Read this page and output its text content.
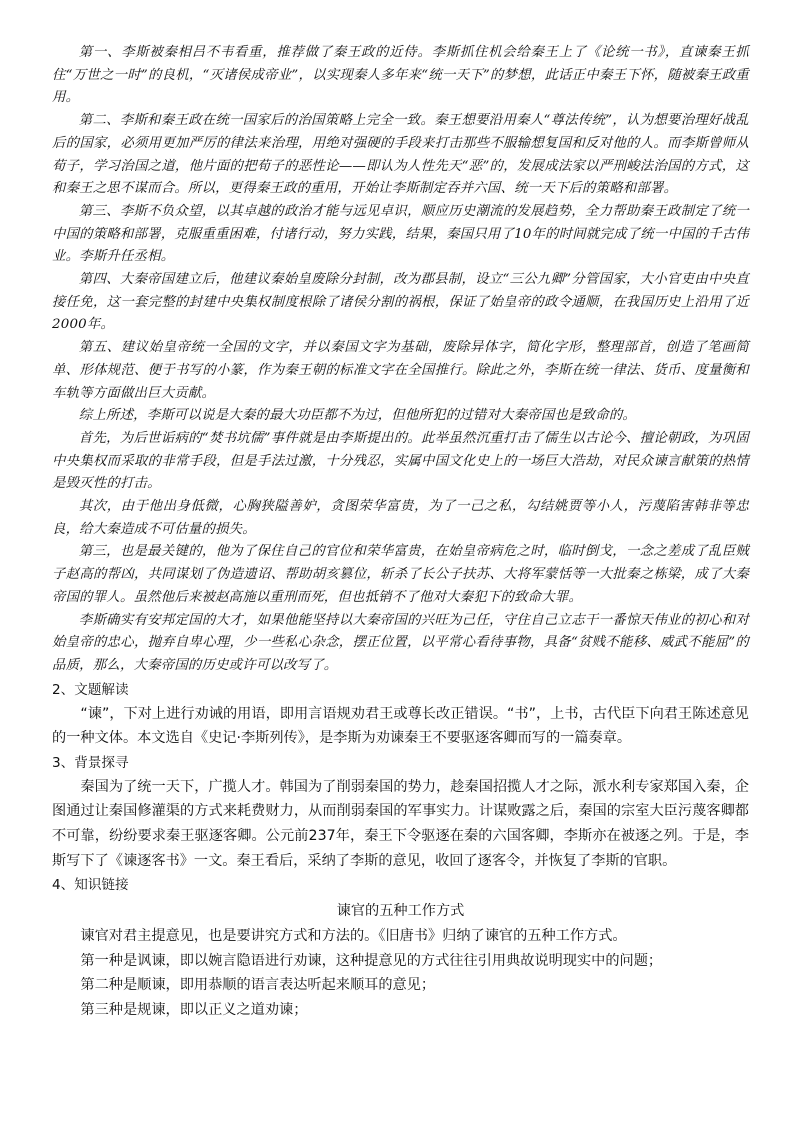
第一、李斯被秦相吕不韦看重，推荐做了秦王政的近侍。李斯抓住机会给秦王上了《论统一书》，直谏秦王抓住“万世之一时”的良机，“灭诸侯成帝业”，以实现秦人多年来“统一天下”的梦想，此话正中秦王下怀，随被秦王政重用。

第二、李斯和秦王政在统一国家后的治国策略上完全一致。秦王想要沿用秦人“尊法传统”，认为想要治理好战乱后的国家，必须用更加严厉的律法来治理，用绝对强硬的手段来打击那些不服输想复国和反对他的人。而李斯曾师从荀子，学习治国之道，他片面的把荀子的恶性论——即认为人性先天“恶”的，发展成法家以严刑峻法治国的方式，这和秦王之思不谋而合。所以，更得秦王政的重用，开始让李斯制定吞并六国、统一天下后的策略和部署。

第三、李斯不负众望，以其卓越的政治才能与远见卓识，顺应历史潮流的发展趋势，全力帮助秦王政制定了统一中国的策略和部署，克服重重困难，付诸行动，努力实践，结果，秦国只用了10年的时间就完成了统一中国的千古伟业。李斯升任丞相。

第四、大秦帝国建立后，他建议秦始皇废除分封制，改为郡县制，设立“三公九卿”分管国家，大小官吏由中央直接任免，这一套完整的封建中央集权制度根除了诸侯分割的祸根，保证了始皇帝的政令通顺，在我国历史上沿用了近2000年。

第五、建议始皇帝统一全国的文字，并以秦国文字为基础，废除异体字，简化字形，整理部首，创造了笔画简单、形体规范、便于书写的小篆，作为秦王朝的标准文字在全国推行。除此之外，李斯在统一律法、货币、度量衡和车轨等方面做出巨大贡献。

综上所述，李斯可以说是大秦的最大功臣都不为过，但他所犯的过错对大秦帝国也是致命的。

首先，为后世诟病的“焚书坑儒”事件就是由李斯提出的。此举虽然沉重打击了儒生以古论今、擅论朝政，为巩固中央集权而采取的非常手段，但是手法过激，十分残忍，实属中国文化史上的一场巨大浩劫，对民众谏言献策的热情是毁灭性的打击。

其次，由于他出身低微，心胸狭隘善妒，贪图荣华富贵，为了一己之私，勾结姚贾等小人，污蔑陷害韩非等忠良，给大秦造成不可估量的损失。

第三，也是最关键的，他为了保住自己的官位和荣华富贵，在始皇帝病危之时，临时倒戈，一念之差成了乱臣贼子赵高的帮凶，共同谋划了伪造遗诏、帮助胡亥篡位，斩杀了长公子扶苏、大将军蒙恬等一大批秦之栋梁，成了大秦帝国的罪人。虽然他后来被赵高施以重刑而死，但也抵销不了他对大秦犯下的致命大罪。

李斯确实有安邦定国的大才，如果他能坚持以大秦帝国的兴旺为己任，守住自己立志干一番惊天伟业的初心和对始皇帝的忠心，抛弃自卑心理，少一些私心杂念，摆正位置，以平常心看待事物，具备“贫贱不能移、威武不能屈”的品质，那么，大秦帝国的历史或许可以改写了。

2、文题解读

“谏”，下对上进行劝诫的用语，即用言语规劝君王或尊长改正错误。“书”，上书，古代臣下向君王陈述意见的一种文体。本文选自《史记·李斯列传》，是李斯为劝谏秦王不要驱逐客卿而写的一篇奏章。

3、背景探寻

秦国为了统一天下，广揽人才。韩国为了削弱秦国的势力，趁秦国招揽人才之际，派水利专家郑国入秦，企图通过让秦国修灌渠的方式来耗费财力，从而削弱秦国的军事实力。计谋败露之后，秦国的宗室大臣污蔑客卿都不可靠，纷纷要求秦王驱逐客卿。公元前237年，秦王下令驱逐在秦的六国客卿，李斯亦在被逐之列。于是，李斯写下了《谏逐客书》一文。秦王看后，采纳了李斯的意见，收回了逐客令，并恢复了李斯的官职。

4、知识链接

谏官的五种工作方式

谏官对君主提意见，也是要讲究方式和方法的。《旧唐书》归纳了谏官的五种工作方式。

第一种是讽谏，即以婉言隐语进行劝谏，这种提意见的方式往往引用典故说明现实中的问题；

第二种是顺谏，即用恭顺的语言表达听起来顺耳的意见；

第三种是规谏，即以正义之道劝谏；
